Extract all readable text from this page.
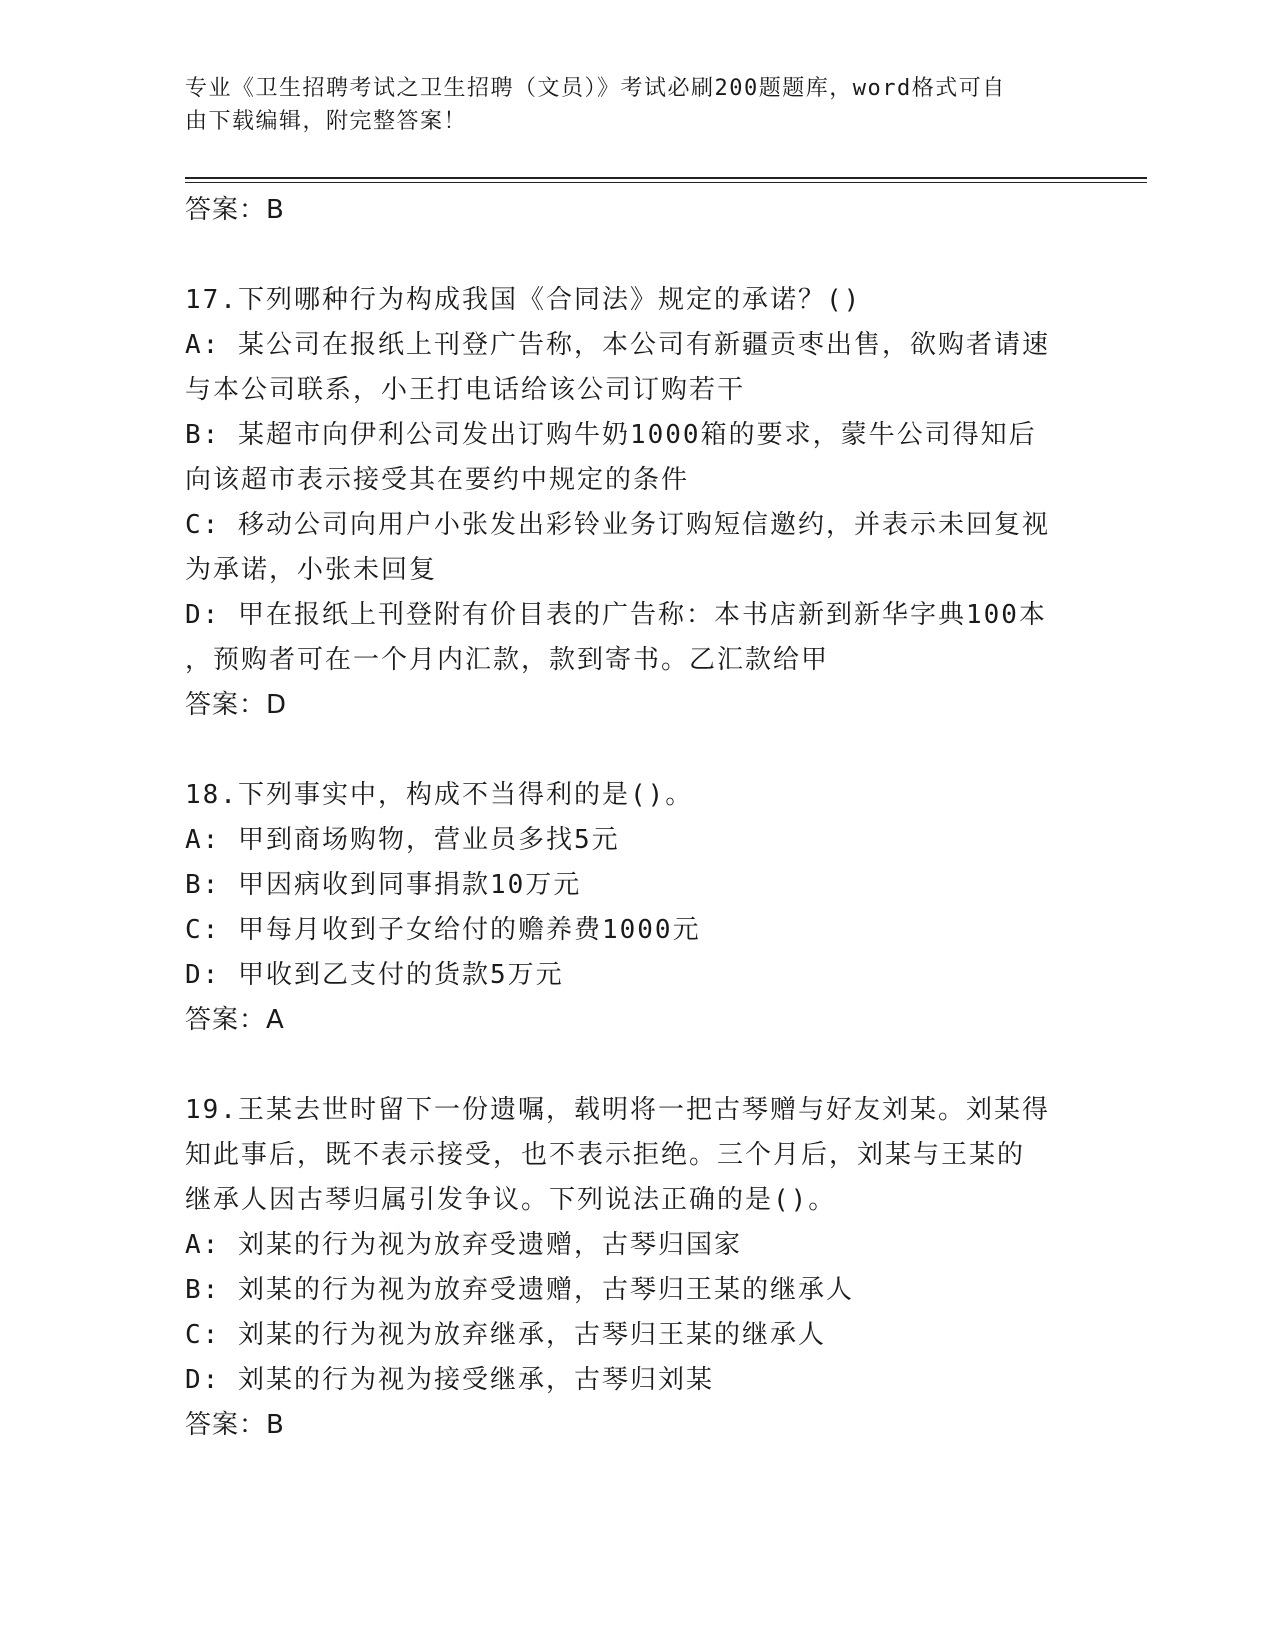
专业《卫生招聘考试之卫生招聘（文员）》考试必刷200题题库，word格式可自
由下载编辑，附完整答案！

答案：B

17.下列哪种行为构成我国《合同法》规定的承诺？()

A: 某公司在报纸上刊登广告称，本公司有新疆贡枣出售，欲购者请速

与本公司联系，小王打电话给该公司订购若干

B: 某超市向伊利公司发出订购牛奶1000箱的要求，蒙牛公司得知后

向该超市表示接受其在要约中规定的条件

C: 移动公司向用户小张发出彩铃业务订购短信邀约，并表示未回复视

为承诺，小张未回复

D: 甲在报纸上刊登附有价目表的广告称：本书店新到新华字典100本

，预购者可在一个月内汇款，款到寄书。乙汇款给甲

答案：D

18.下列事实中，构成不当得利的是()。

A: 甲到商场购物，营业员多找5元

B: 甲因病收到同事捐款10万元

C: 甲每月收到子女给付的赡养费1000元

D: 甲收到乙支付的货款5万元

答案：A

19.王某去世时留下一份遗嘱，载明将一把古琴赠与好友刘某。刘某得

知此事后，既不表示接受，也不表示拒绝。三个月后，刘某与王某的

继承人因古琴归属引发争议。下列说法正确的是()。

A: 刘某的行为视为放弃受遗赠，古琴归国家

B: 刘某的行为视为放弃受遗赠，古琴归王某的继承人

C: 刘某的行为视为放弃继承，古琴归王某的继承人

D: 刘某的行为视为接受继承，古琴归刘某

答案：B
